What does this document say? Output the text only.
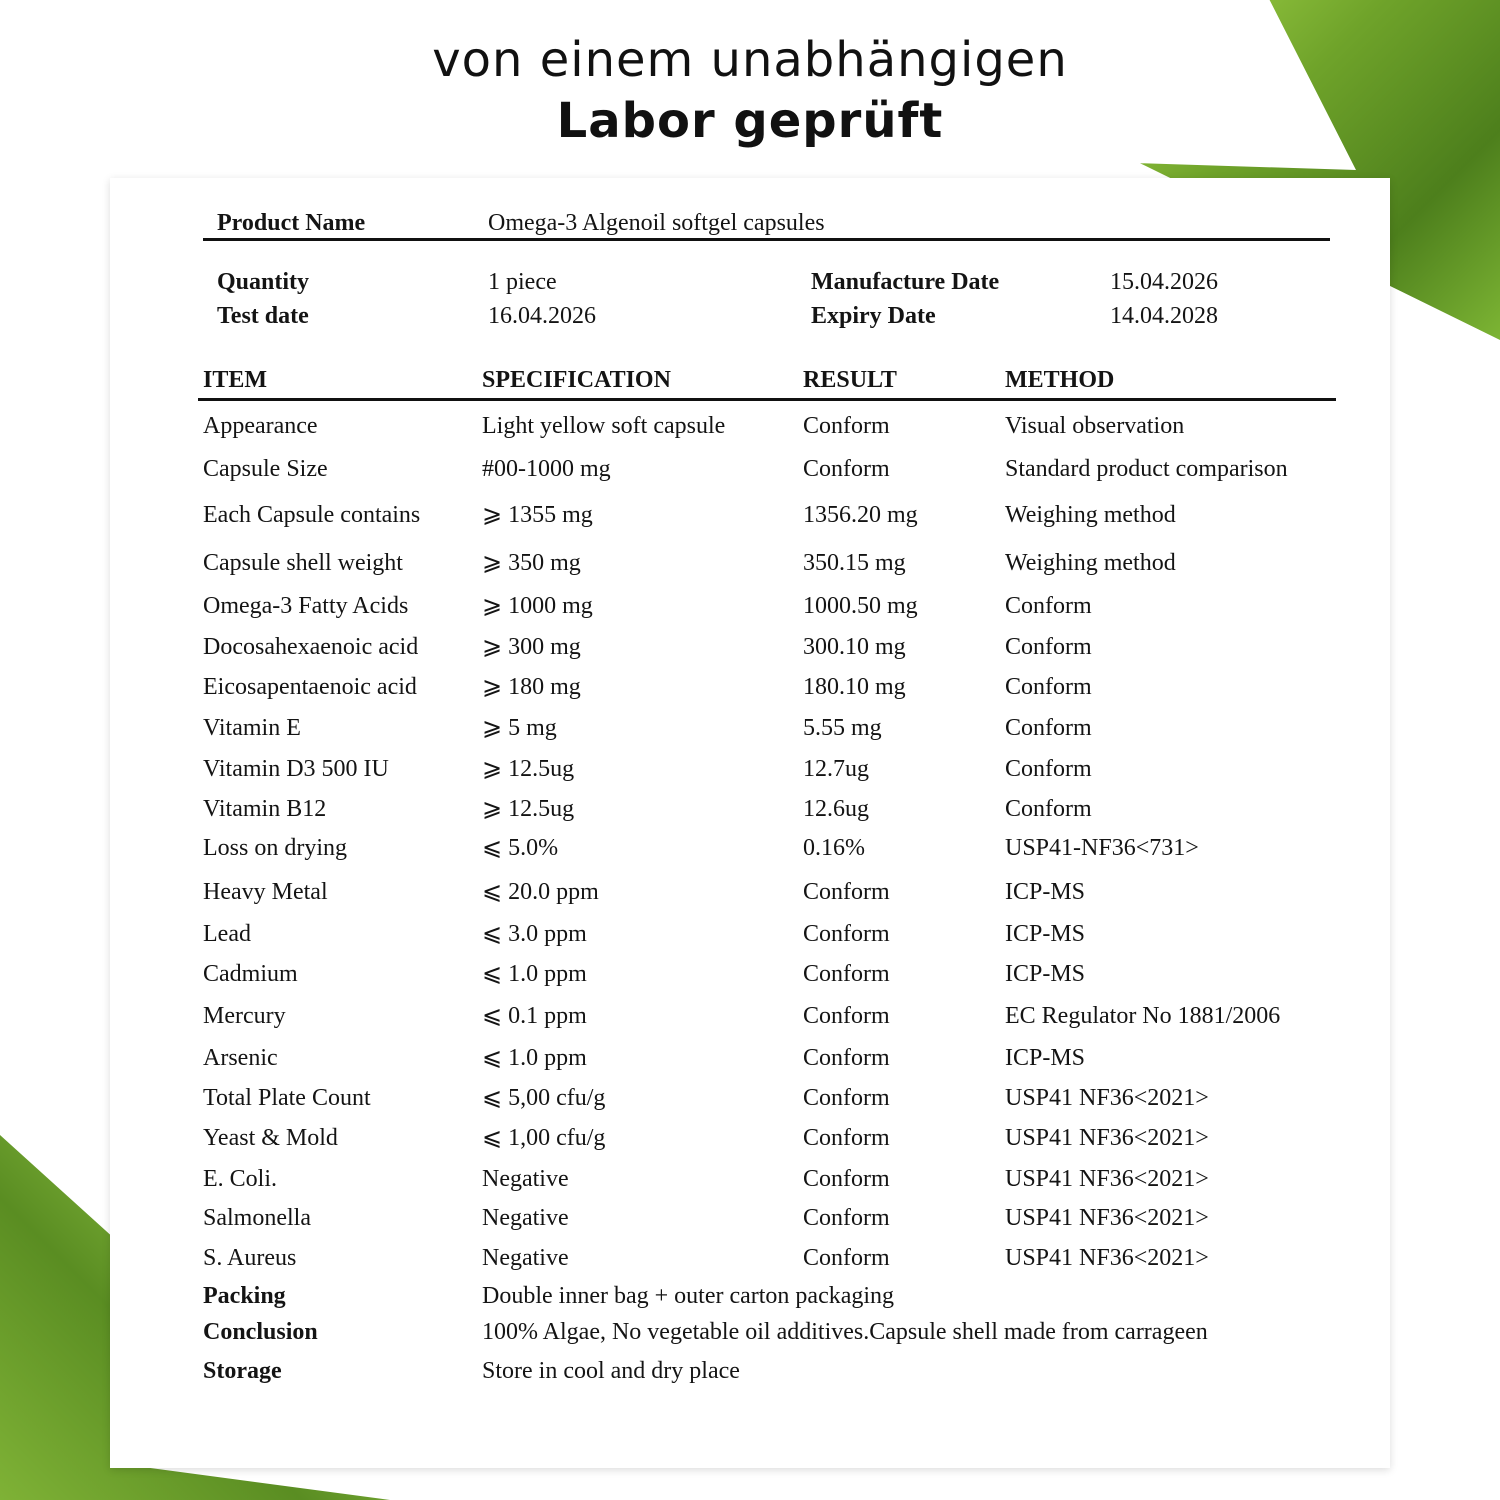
von einem unabhängigen
Labor geprüft
Product Name	Omega-3 Algenoil softgel capsules
Quantity	1 piece	Manufacture Date	15.04.2026
Test date	16.04.2026	Expiry Date	14.04.2028
ITEM	SPECIFICATION	RESULT	METHOD
Appearance	Light yellow soft capsule	Conform	Visual observation
Capsule Size	#00-1000 mg	Conform	Standard product comparison
Each Capsule contains	⩾ 1355 mg	1356.20 mg	Weighing method
Capsule shell weight	⩾ 350 mg	350.15 mg	Weighing method
Omega-3 Fatty Acids	⩾ 1000 mg	1000.50 mg	Conform
Docosahexaenoic acid	⩾ 300 mg	300.10 mg	Conform
Eicosapentaenoic acid	⩾ 180 mg	180.10 mg	Conform
Vitamin E	⩾ 5 mg	5.55 mg	Conform
Vitamin D3 500 IU	⩾ 12.5ug	12.7ug	Conform
Vitamin B12	⩾ 12.5ug	12.6ug	Conform
Loss on drying	⩽ 5.0%	0.16%	USP41-NF36<731>
Heavy Metal	⩽ 20.0 ppm	Conform	ICP-MS
Lead	⩽ 3.0 ppm	Conform	ICP-MS
Cadmium	⩽ 1.0 ppm	Conform	ICP-MS
Mercury	⩽ 0.1 ppm	Conform	EC Regulator No 1881/2006
Arsenic	⩽ 1.0 ppm	Conform	ICP-MS
Total Plate Count	⩽ 5,00 cfu/g	Conform	USP41 NF36<2021>
Yeast & Mold	⩽ 1,00 cfu/g	Conform	USP41 NF36<2021>
E. Coli.	Negative	Conform	USP41 NF36<2021>
Salmonella	Negative	Conform	USP41 NF36<2021>
S. Aureus	Negative	Conform	USP41 NF36<2021>
Packing	Double inner bag + outer carton packaging
Conclusion	100% Algae, No vegetable oil additives.Capsule shell made from carrageen
Storage	Store in cool and dry place
